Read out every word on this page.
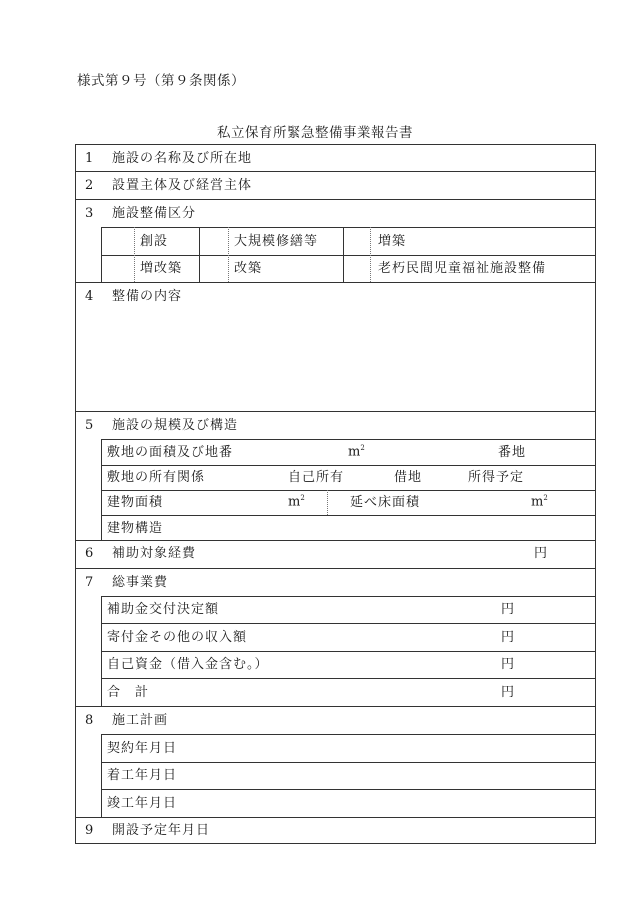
様式第９号（第９条関係）
私立保育所緊急整備事業報告書
1 施設の名称及び所在地
2 設置主体及び経営主体
3 施設整備区分
創設	大規模修繕等	増築
増改築	改築	老朽民間児童福祉施設整備
4 整備の内容
5 施設の規模及び構造
敷地の面積及び地番	$m^2$	番地
敷地の所有関係	自己所有	借地	所得予定
建物面積	$m^2$	延べ床面積	$m^2$
建物構造
6 補助対象経費	円
7 総事業費
補助金交付決定額	円
寄付金その他の収入額	円
自己資金（借入金含む。）	円
合　計	円
8 施工計画
契約年月日
着工年月日
竣工年月日
9 開設予定年月日
